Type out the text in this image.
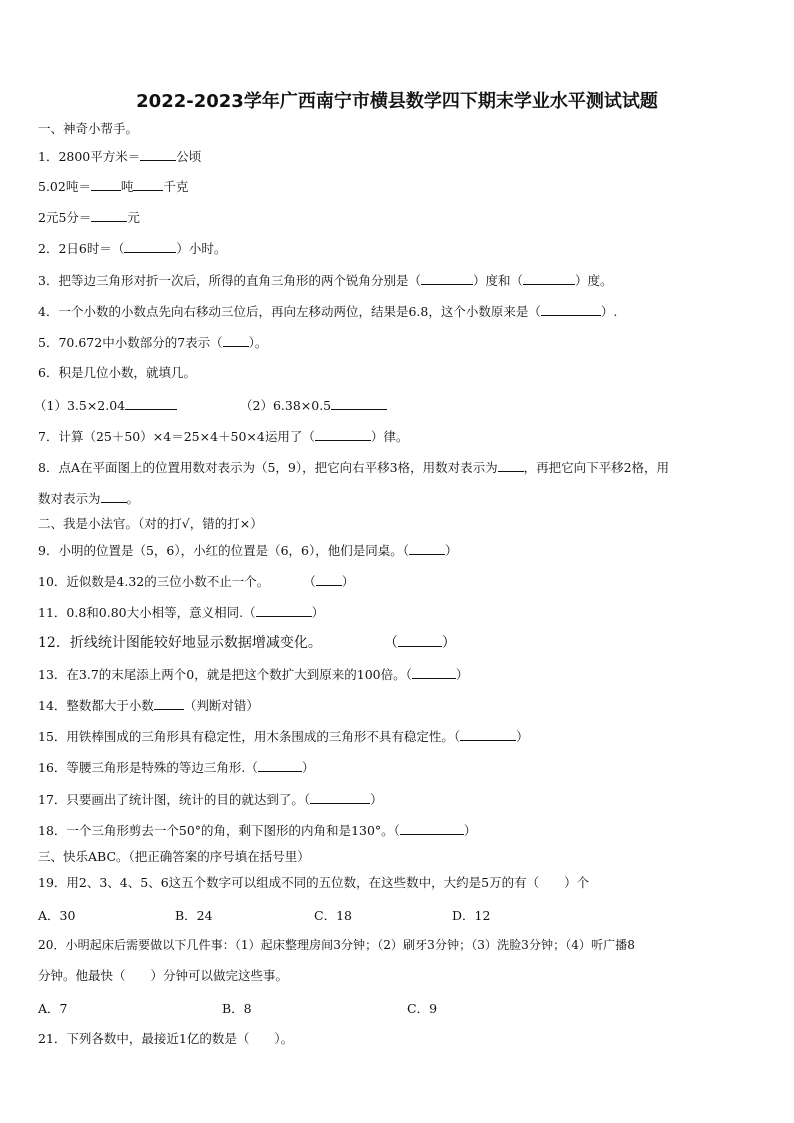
2022-2023学年广西南宁市横县数学四下期末学业水平测试试题
一、神奇小帮手。
1．2800平方米＝	公顷
5.02吨＝ 吨 千克
2元5分＝	元
2．2日6时＝（	）小时。
3．把等边三角形对折一次后，所得的直角三角形的两个锐角分别是（	）度和（	）度。
4．一个小数的小数点先向右移动三位后，再向左移动两位，结果是6.8，这个小数原来是（	）.
5．70.672中小数部分的7表示（ ）。
6．积是几位小数，就填几。
（1）3.5×2.04	（2）6.38×0.5
7．计算（25＋50）×4＝25×4＋50×4运用了（	）律。
8．点A在平面图上的位置用数对表示为（5，9），把它向右平移3格，用数对表示为 ，再把它向下平移2格，用
数对表示为 。
二、我是小法官。（对的打√，错的打×）
9．小明的位置是（5，6），小红的位置是（6，6），他们是同桌。（	）
10．近似数是4.32的三位小数不止一个。	（ ）
11．0.8和0.80大小相等，意义相同.（	）
12．折线统计图能较好地显示数据增减变化。	（	）
13．在3.7的末尾添上两个0，就是把这个数扩大到原来的100倍。（	）
14．整数都大于小数 （判断对错）
15．用铁棒围成的三角形具有稳定性，用木条围成的三角形不具有稳定性。（	）
16．等腰三角形是特殊的等边三角形.（	）
17．只要画出了统计图，统计的目的就达到了。（	）
18．一个三角形剪去一个50°的角，剩下图形的内角和是130°。（	）
三、快乐ABC。（把正确答案的序号填在括号里）
19．用2、3、4、5、6这五个数字可以组成不同的五位数，在这些数中，大约是5万的有（　　）个
A．30	B．24	C．18	D．12
20．小明起床后需要做以下几件事：（1）起床整理房间3分钟；（2）刷牙3分钟；（3）洗脸3分钟；（4）听广播8
分钟。他最快（　　）分钟可以做完这些事。
A．7	B．8	C．9
21．下列各数中，最接近1亿的数是（　　）。
